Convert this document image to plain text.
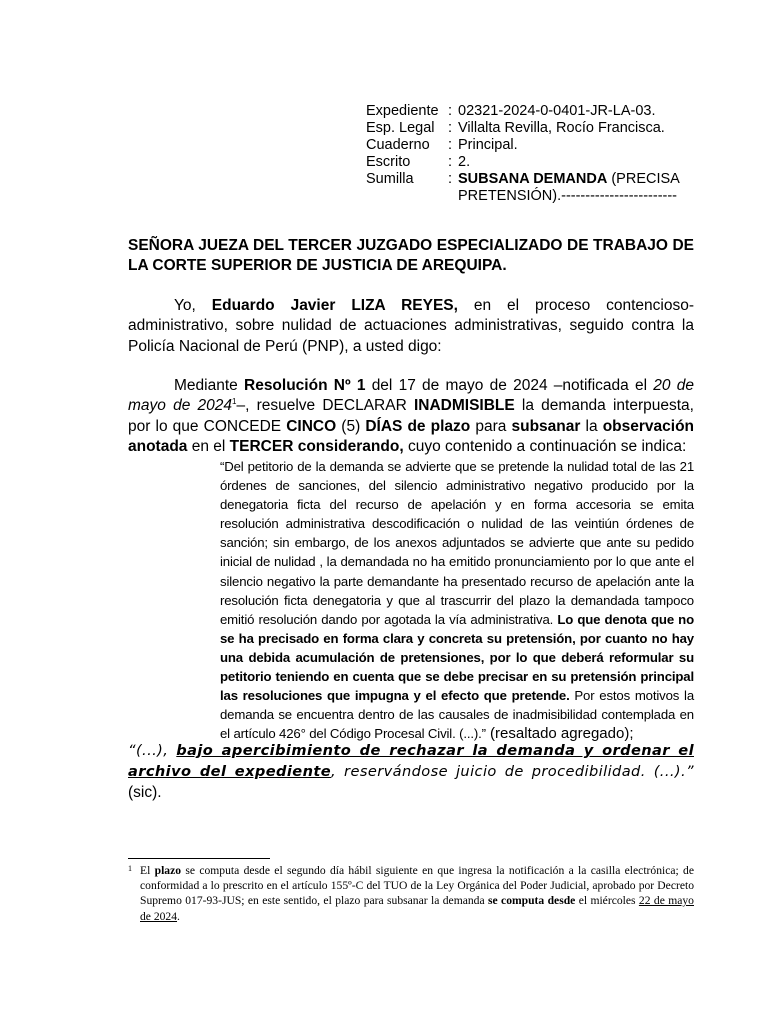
Expediente : 02321-2024-0-0401-JR-LA-03.
Esp. Legal : Villalta Revilla, Rocío Francisca.
Cuaderno	: Principal.
Escrito	: 2.
Sumilla	: SUBSANA DEMANDA (PRECISA PRETENSIÓN).------------------------
SEÑORA JUEZA DEL TERCER JUZGADO ESPECIALIZADO DE TRABAJO DE LA CORTE SUPERIOR DE JUSTICIA DE AREQUIPA.
Yo, Eduardo Javier LIZA REYES, en el proceso contencioso-administrativo, sobre nulidad de actuaciones administrativas, seguido contra la Policía Nacional de Perú (PNP), a usted digo:
Mediante Resolución Nº 1 del 17 de mayo de 2024 –notificada el 20 de mayo de 2024$^1$–, resuelve DECLARAR INADMISIBLE la demanda interpuesta, por lo que CONCEDE CINCO (5) DÍAS de plazo para subsanar la observación anotada en el TERCER considerando, cuyo contenido a continuación se indica:
“Del petitorio de la demanda se advierte que se pretende la nulidad total de las 21 órdenes de sanciones, del silencio administrativo negativo producido por la denegatoria ficta del recurso de apelación y en forma accesoria se emita resolución administrativa descodificación o nulidad de las veintiún órdenes de sanción; sin embargo, de los anexos adjuntados se advierte que ante su pedido inicial de nulidad , la demandada no ha emitido pronunciamiento por lo que ante el silencio negativo la parte demandante ha presentado recurso de apelación ante la resolución ficta denegatoria y que al trascurrir del plazo la demandada tampoco emitió resolución dando por agotada la vía administrativa. Lo que denota que no se ha precisado en forma clara y concreta su pretensión, por cuanto no hay una debida acumulación de pretensiones, por lo que deberá reformular su petitorio teniendo en cuenta que se debe precisar en su pretensión principal las resoluciones que impugna y el efecto que pretende. Por estos motivos la demanda se encuentra dentro de las causales de inadmisibilidad contemplada en el artículo 426° del Código Procesal Civil. (...).” (resaltado agregado);
“(...), bajo apercibimiento de rechazar la demanda y ordenar el archivo del expediente, reservándose juicio de procedibilidad. (...).” (sic).
1 El plazo se computa desde el segundo día hábil siguiente en que ingresa la notificación a la casilla electrónica; de conformidad a lo prescrito en el artículo 155º-C del TUO de la Ley Orgánica del Poder Judicial, aprobado por Decreto Supremo 017-93-JUS; en este sentido, el plazo para subsanar la demanda se computa desde el miércoles 22 de mayo de 2024.
